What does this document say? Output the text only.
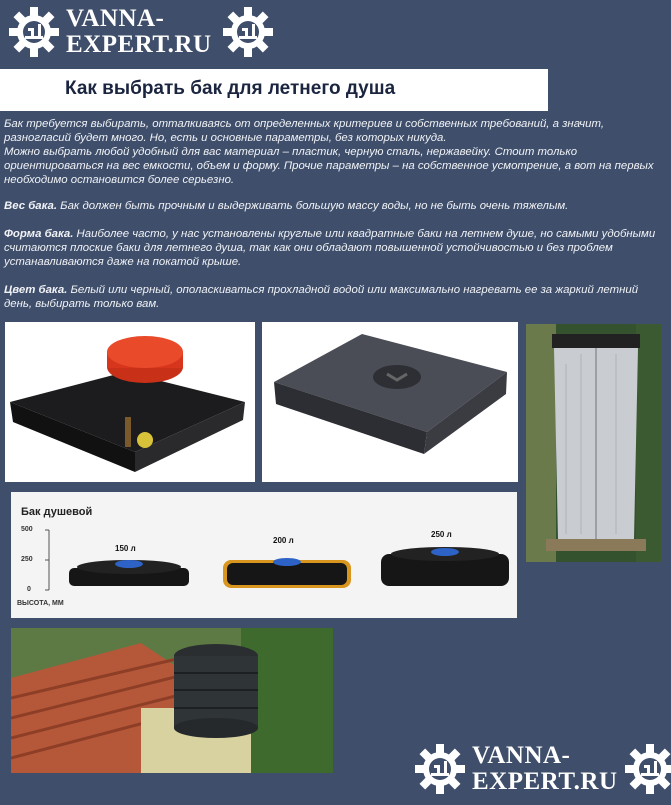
VANNA-
EXPERT.RU
Как выбрать бак для летнего душа
Бак требуется выбирать, отталкиваясь от определенных критериев и собственных требований, а значит, разногласий будет много. Но, есть и основные параметры, без которых никуда.
Можно выбрать любой удобный для вас материал – пластик, черную сталь, нержавейку. Стоит только ориентироваться на вес емкости, объем и форму. Прочие параметры – на собственное усмотрение, а вот на первых необходимо остановится более серьезно.
Вес бака. Бак должен быть прочным и выдерживать большую массу воды, но не быть очень тяжелым.
Форма бака. Наиболее часто, у нас установлены круглые или квадратные баки на летнем душе, но самыми удобными считаются плоские баки для летнего душа, так как они обладают повышенной устойчивостью и без проблем устанавливаются даже на покатой крыше.
Цвет бака. Белый или черный, ополаскиваться прохладной водой или максимально нагревать ее за жаркий летний день, выбирать только вам.
Бак душевой
500
250
0
ВЫСОТА, ММ
150 л
200 л
250 л
VANNA-
EXPERT.RU
